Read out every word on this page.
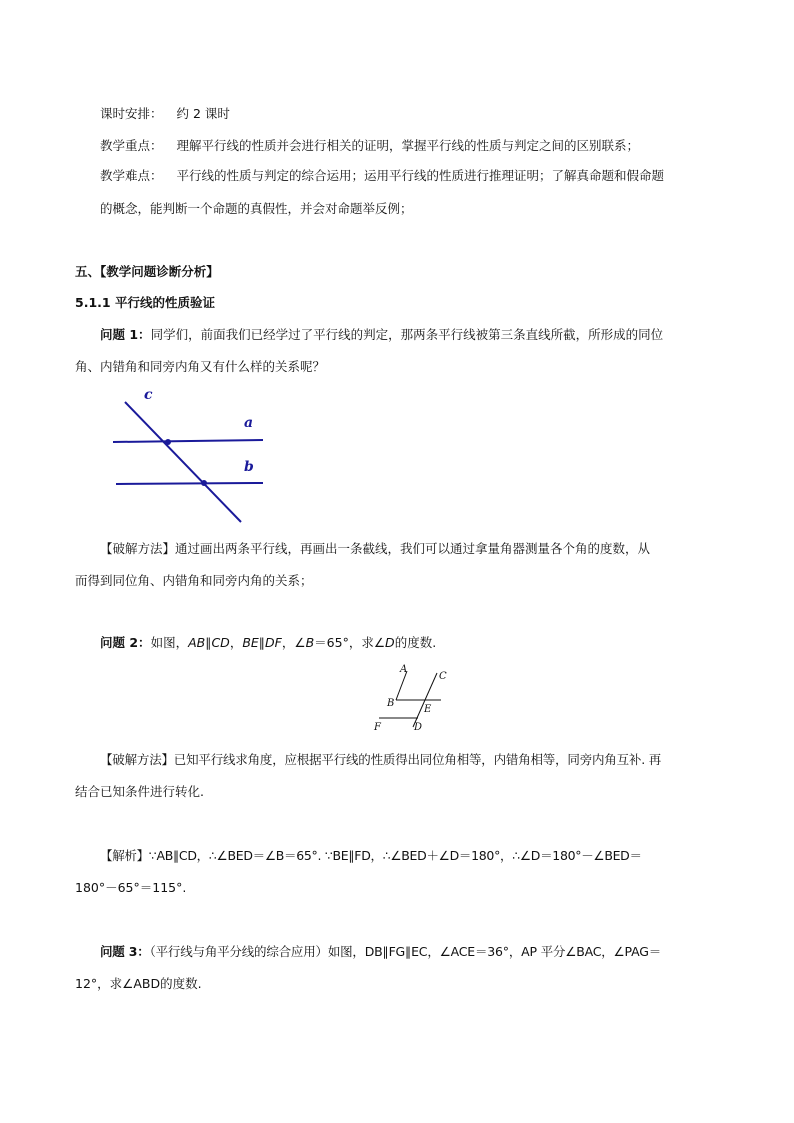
课时安排： 约 2 课时
教学重点： 理解平行线的性质并会进行相关的证明，掌握平行线的性质与判定之间的区别联系；
教学难点： 平行线的性质与判定的综合运用；运用平行线的性质进行推理证明；了解真命题和假命题
的概念，能判断一个命题的真假性，并会对命题举反例；
五、【教学问题诊断分析】
5.1.1 平行线的性质验证
问题 1：同学们，前面我们已经学过了平行线的判定，那两条平行线被第三条直线所截，所形成的同位
角、内错角和同旁内角又有什么样的关系呢？
c
a
b
【破解方法】通过画出两条平行线，再画出一条截线，我们可以通过拿量角器测量各个角的度数，从
而得到同位角、内错角和同旁内角的关系；
问题 2：如图，AB∥CD，BE∥DF，∠B＝65°，求∠D的度数.
A
C
B
E
F	D
【破解方法】已知平行线求角度，应根据平行线的性质得出同位角相等，内错角相等，同旁内角互补. 再
结合已知条件进行转化.
【解析】∵AB∥CD，∴∠BED＝∠B＝65°. ∵BE∥FD，∴∠BED＋∠D＝180°，∴∠D＝180°－∠BED＝
180°－65°＝115°.
问题 3：（平行线与角平分线的综合应用）如图，DB∥FG∥EC，∠ACE＝36°，AP 平分∠BAC，∠PAG＝
12°，求∠ABD的度数.
